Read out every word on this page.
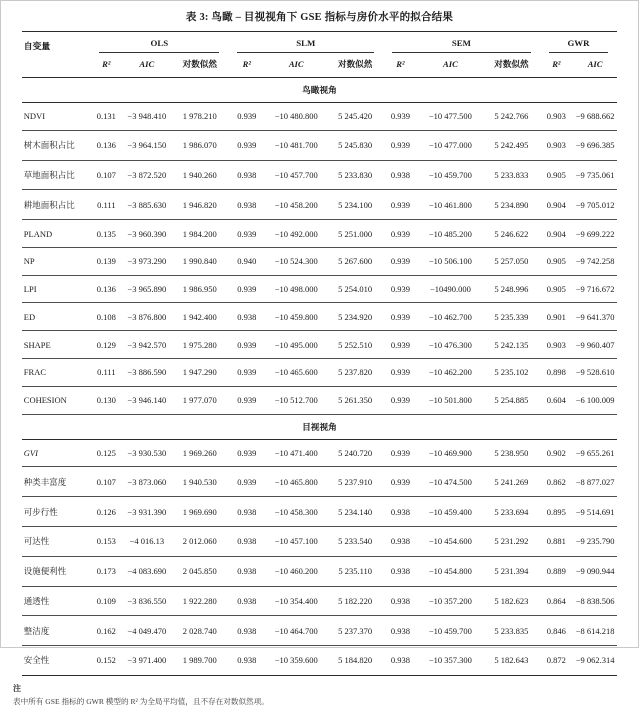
表 3: 鸟瞰 – 目视视角下 GSE 指标与房价水平的拟合结果
自变量	OLS			SLM			SEM			GWR	

	R²	AIC	对数似然	R²	AIC	对数似然	R²	AIC	对数似然	R²	AIC
鸟瞰视角											
NDVI	0.131	−3 948.410	1 978.210	0.939	−10 480.800	5 245.420	0.939	−10 477.500	5 242.766	0.903	−9 688.662
树木面积占比	0.136	−3 964.150	1 986.070	0.939	−10 481.700	5 245.830	0.939	−10 477.000	5 242.495	0.903	−9 696.385
草地面积占比	0.107	−3 872.520	1 940.260	0.938	−10 457.700	5 233.830	0.938	−10 459.700	5 233.833	0.905	−9 735.061
耕地面积占比	0.111	−3 885.630	1 946.820	0.938	−10 458.200	5 234.100	0.939	−10 461.800	5 234.890	0.904	−9 705.012
PLAND	0.135	−3 960.390	1 984.200	0.939	−10 492.000	5 251.000	0.939	−10 485.200	5 246.622	0.904	−9 699.222
NP	0.139	−3 973.290	1 990.840	0.940	−10 524.300	5 267.600	0.939	−10 506.100	5 257.050	0.905	−9 742.258
LPI	0.136	−3 965.890	1 986.950	0.939	−10 498.000	5 254.010	0.939	−10490.000	5 248.996	0.905	−9 716.672
ED	0.108	−3 876.800	1 942.400	0.938	−10 459.800	5 234.920	0.939	−10 462.700	5 235.339	0.901	−9 641.370
SHAPE	0.129	−3 942.570	1 975.280	0.939	−10 495.000	5 252.510	0.939	−10 476.300	5 242.135	0.903	−9 960.407
FRAC	0.111	−3 886.590	1 947.290	0.939	−10 465.600	5 237.820	0.939	−10 462.200	5 235.102	0.898	−9 528.610
COHESION	0.130	−3 946.140	1 977.070	0.939	−10 512.700	5 261.350	0.939	−10 501.800	5 254.885	0.604	−6 100.009
目视视角											
GVI	0.125	−3 930.530	1 969.260	0.939	−10 471.400	5 240.720	0.939	−10 469.900	5 238.950	0.902	−9 655.261
种类丰富度	0.107	−3 873.060	1 940.530	0.939	−10 465.800	5 237.910	0.939	−10 474.500	5 241.269	0.862	−8 877.027
可步行性	0.126	−3 931.390	1 969.690	0.938	−10 458.300	5 234.140	0.938	−10 459.400	5 233.694	0.895	−9 514.691
可达性	0.153	−4 016.13	2 012.060	0.938	−10 457.100	5 233.540	0.938	−10 454.600	5 231.292	0.881	−9 235.790
设施便利性	0.173	−4 083.690	2 045.850	0.938	−10 460.200	5 235.110	0.938	−10 454.800	5 231.394	0.889	−9 090.944
通透性	0.109	−3 836.550	1 922.280	0.938	−10 354.400	5 182.220	0.938	−10 357.200	5 182.623	0.864	−8 838.506
整洁度	0.162	−4 049.470	2 028.740	0.938	−10 464.700	5 237.370	0.938	−10 459.700	5 233.835	0.846	−8 614.218
安全性	0.152	−3 971.400	1 989.700	0.938	−10 359.600	5 184.820	0.938	−10 357.300	5 182.643	0.872	−9 062.314
注
表中所有 GSE 指标的 GWR 模型的 R² 为全局平均值，且不存在对数似然项。
